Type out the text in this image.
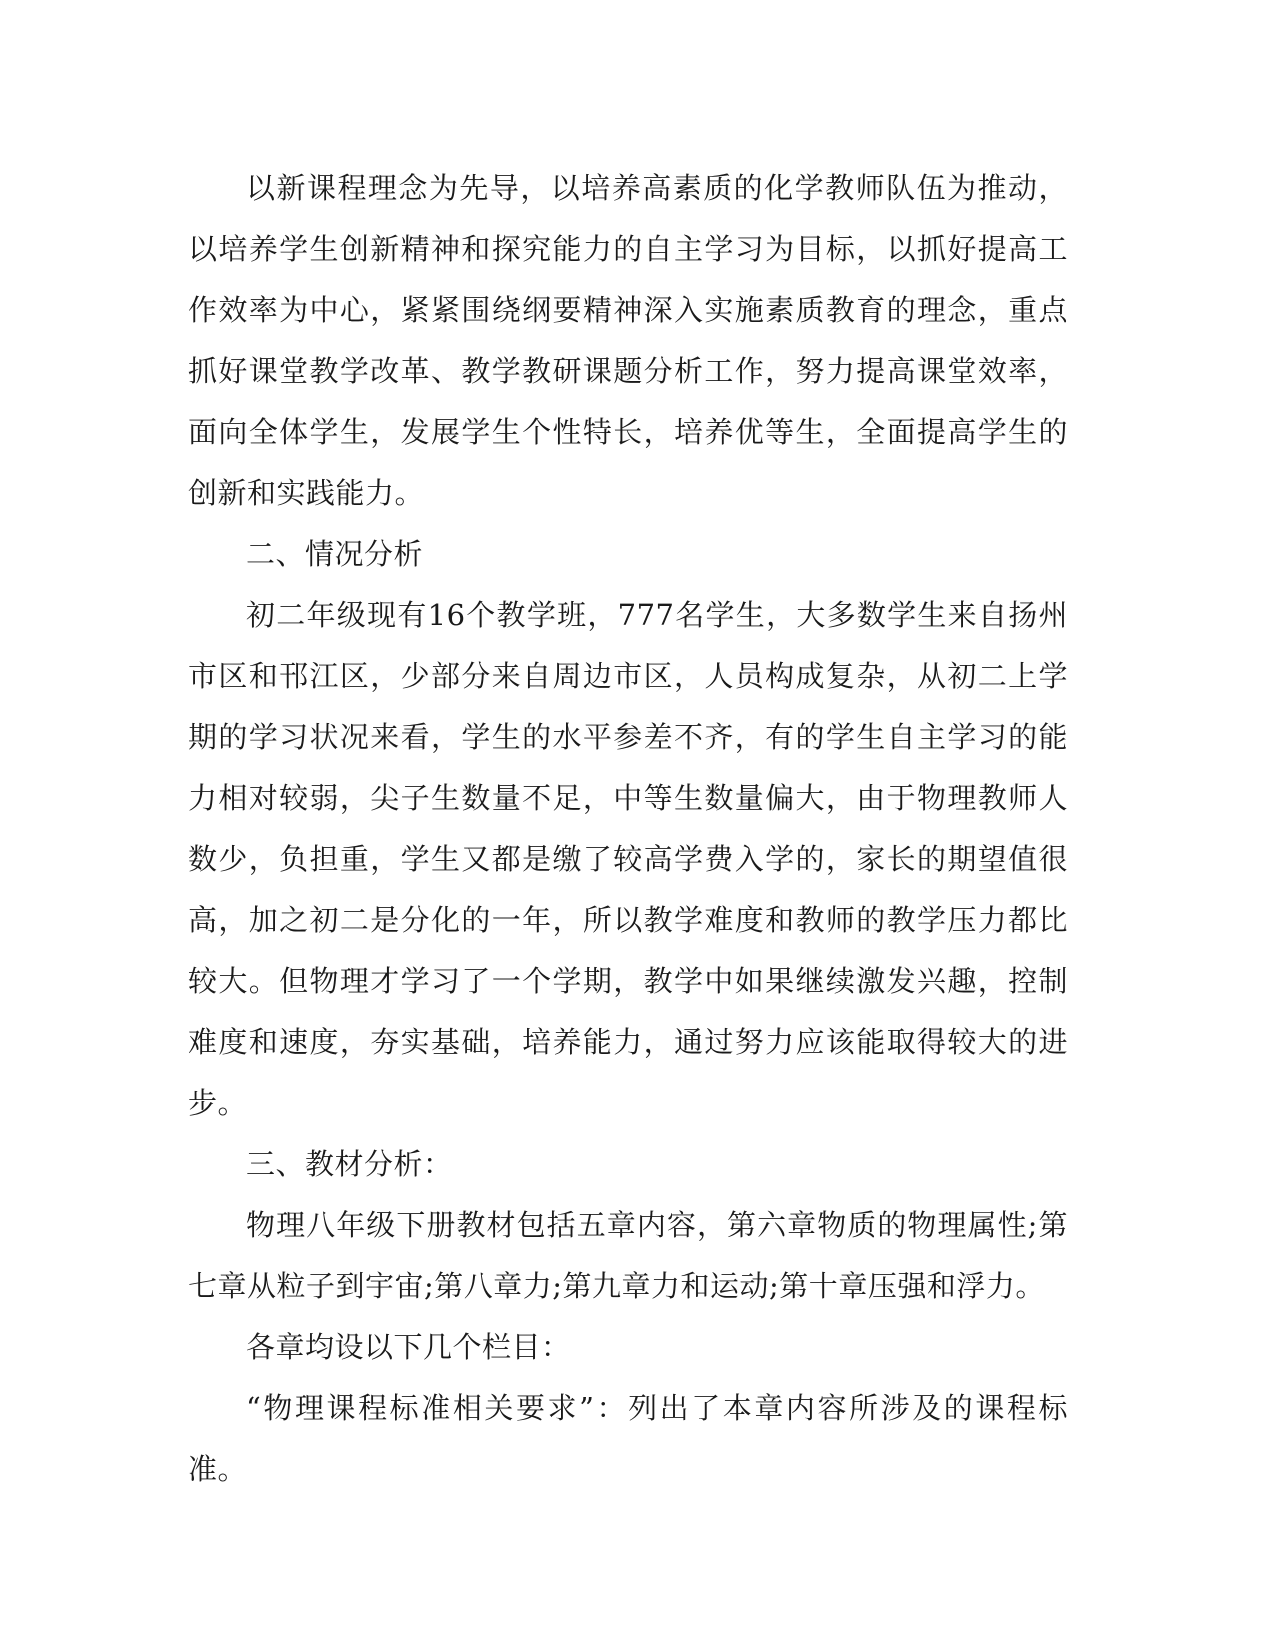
以新课程理念为先导，以培养高素质的化学教师队伍为推动，以培养学生创新精神和探究能力的自主学习为目标，以抓好提高工作效率为中心，紧紧围绕纲要精神深入实施素质教育的理念，重点抓好课堂教学改革、教学教研课题分析工作，努力提高课堂效率，面向全体学生，发展学生个性特长，培养优等生，全面提高学生的创新和实践能力。

二、情况分析

初二年级现有16个教学班，777名学生，大多数学生来自扬州市区和邗江区，少部分来自周边市区，人员构成复杂，从初二上学期的学习状况来看，学生的水平参差不齐，有的学生自主学习的能力相对较弱，尖子生数量不足，中等生数量偏大，由于物理教师人数少，负担重，学生又都是缴了较高学费入学的，家长的期望值很高，加之初二是分化的一年，所以教学难度和教师的教学压力都比较大。但物理才学习了一个学期，教学中如果继续激发兴趣，控制难度和速度，夯实基础，培养能力，通过努力应该能取得较大的进步。

三、教材分析：

物理八年级下册教材包括五章内容，第六章物质的物理属性;第七章从粒子到宇宙;第八章力;第九章力和运动;第十章压强和浮力。

各章均设以下几个栏目：

“物理课程标准相关要求”：列出了本章内容所涉及的课程标准。
